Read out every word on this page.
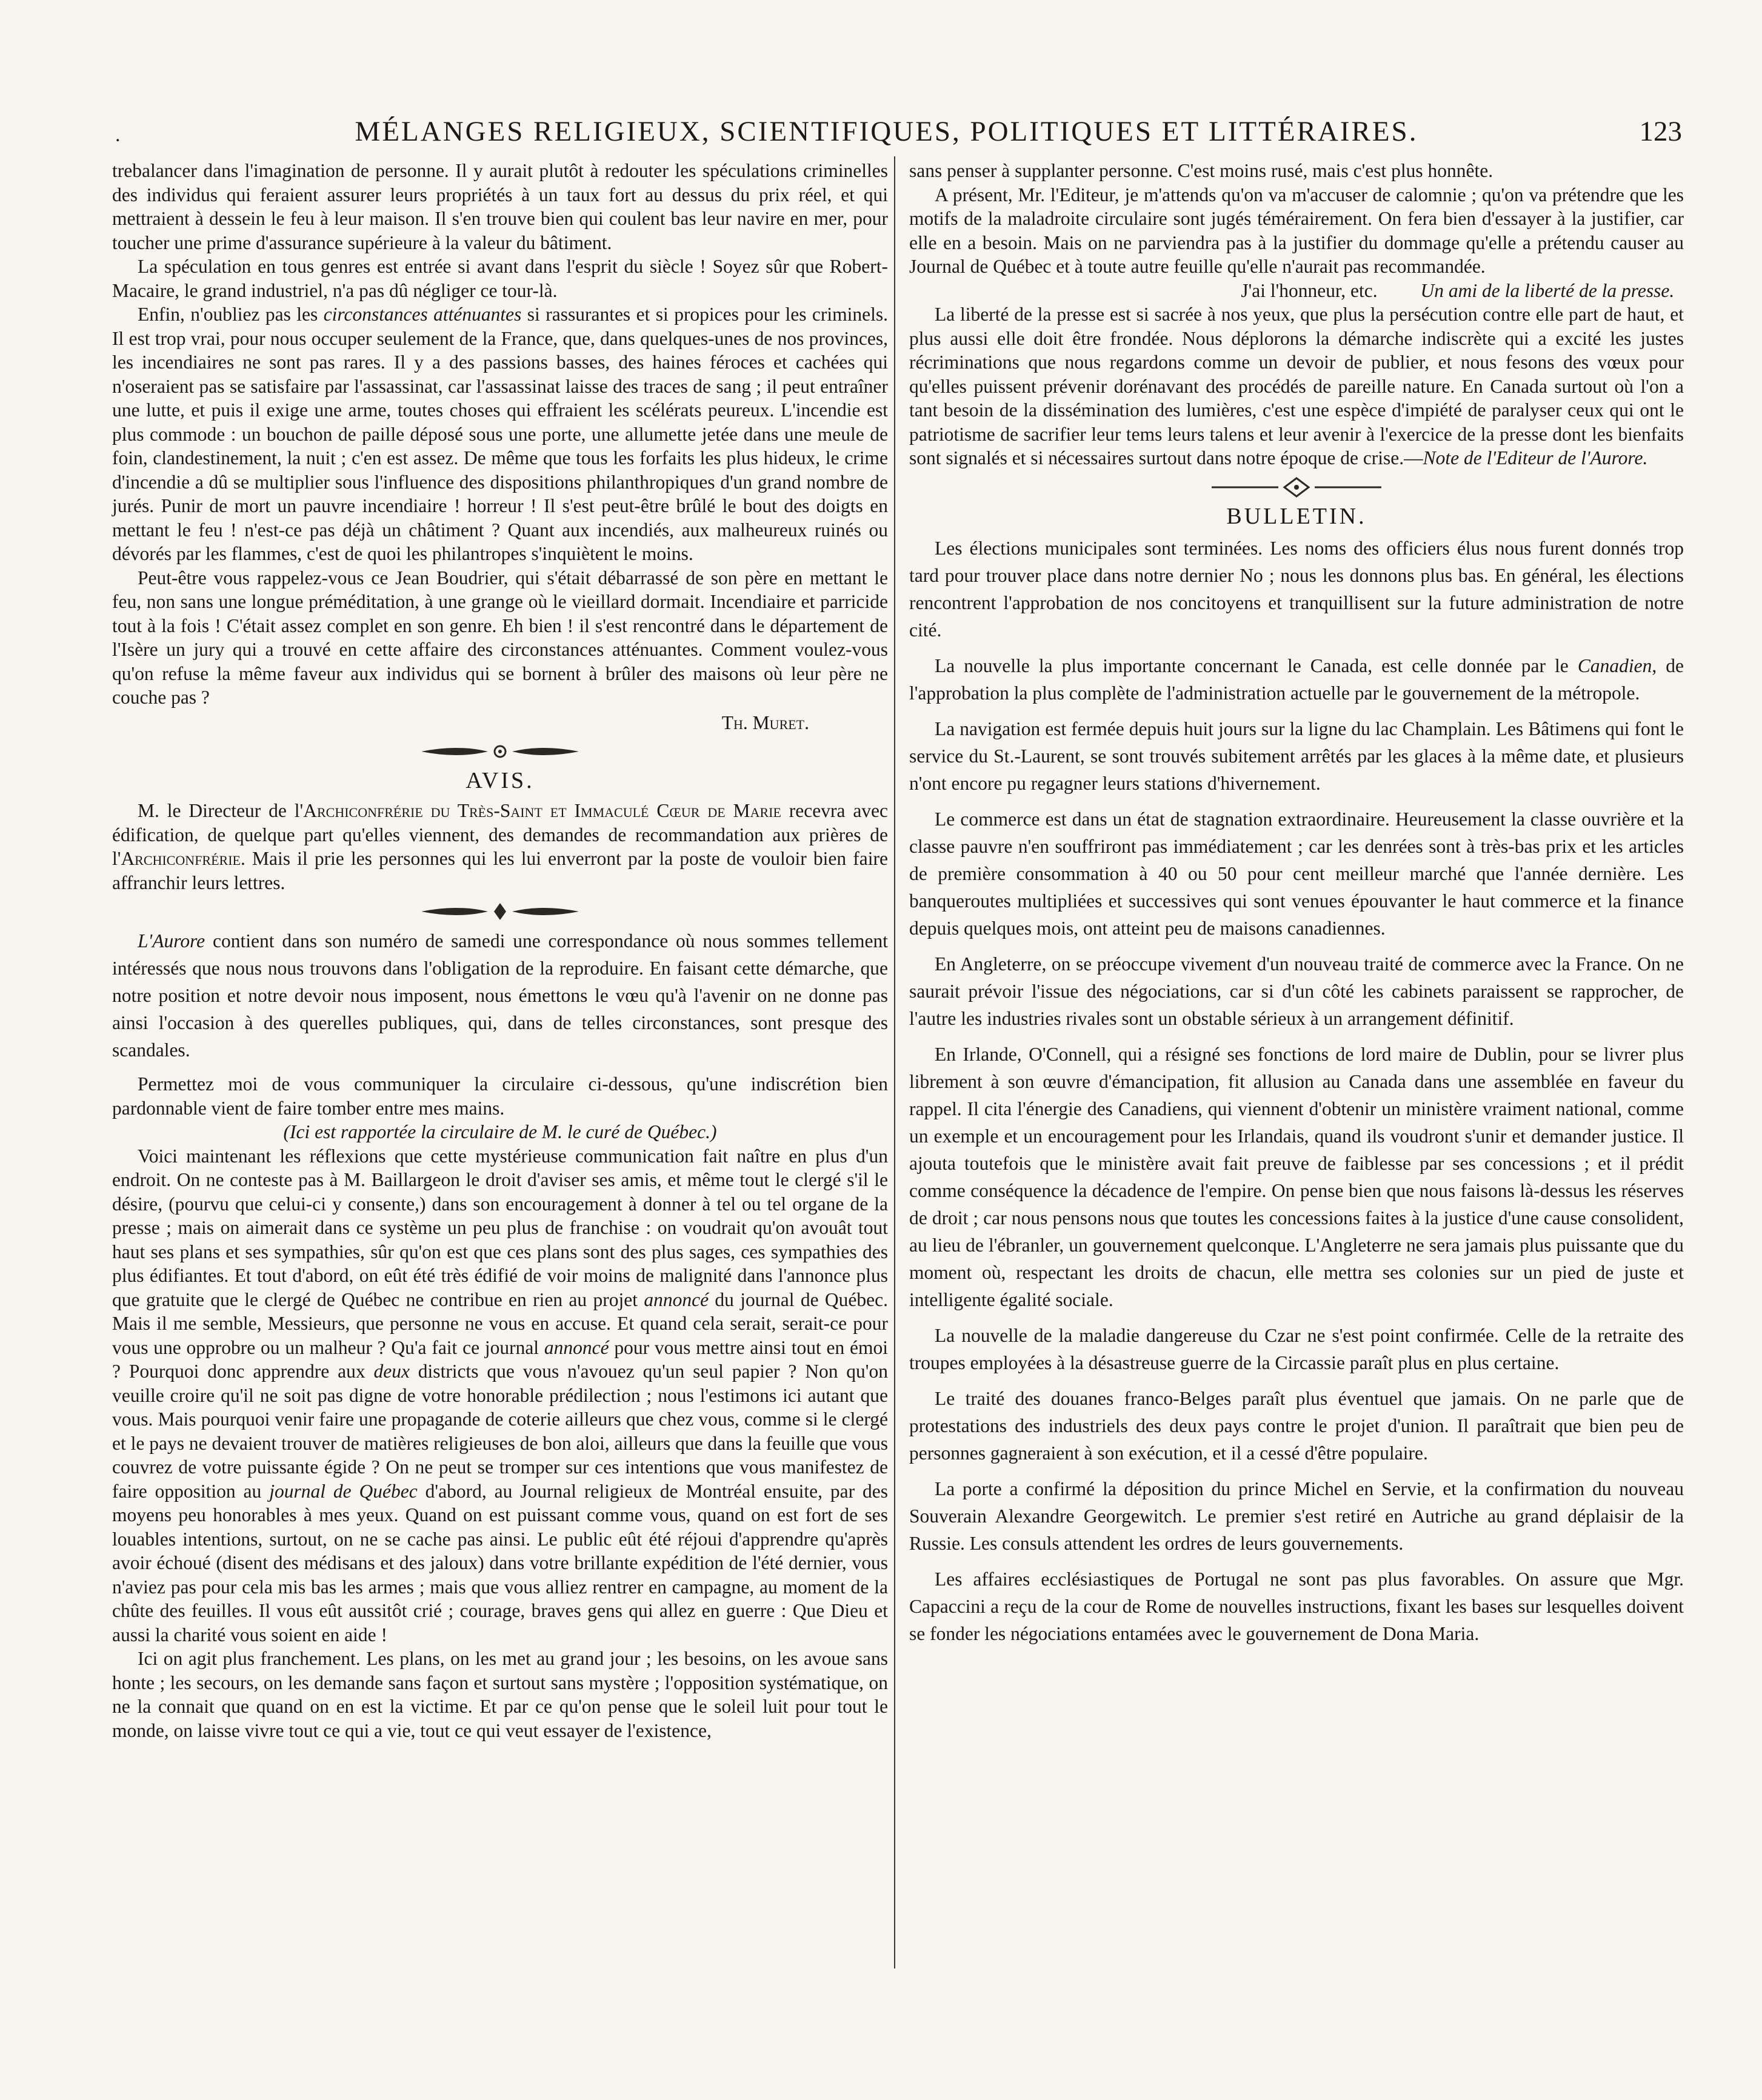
.	MÉLANGES RELIGIEUX, SCIENTIFIQUES, POLITIQUES ET LITTÉRAIRES.	123

trebalancer dans l'imagination de personne. Il y aurait plutôt à redouter les spéculations criminelles des individus qui feraient assurer leurs propriétés à un taux fort au dessus du prix réel, et qui mettraient à dessein le feu à leur maison. Il s'en trouve bien qui coulent bas leur navire en mer, pour toucher une prime d'assurance supérieure à la valeur du bâtiment.

La spéculation en tous genres est entrée si avant dans l'esprit du siècle ! Soyez sûr que Robert-Macaire, le grand industriel, n'a pas dû négliger ce tour-là.

Enfin, n'oubliez pas les circonstances atténuantes si rassurantes et si propices pour les criminels. Il est trop vrai, pour nous occuper seulement de la France, que, dans quelques-unes de nos provinces, les incendiaires ne sont pas rares. Il y a des passions basses, des haines féroces et cachées qui n'oseraient pas se satisfaire par l'assassinat, car l'assassinat laisse des traces de sang ; il peut entraîner une lutte, et puis il exige une arme, toutes choses qui effraient les scélérats peureux. L'incendie est plus commode : un bouchon de paille déposé sous une porte, une allumette jetée dans une meule de foin, clandestinement, la nuit ; c'en est assez. De même que tous les forfaits les plus hideux, le crime d'incendie a dû se multiplier sous l'influence des dispositions philanthropiques d'un grand nombre de jurés. Punir de mort un pauvre incendiaire ! horreur ! Il s'est peut-être brûlé le bout des doigts en mettant le feu ! n'est-ce pas déjà un châtiment ? Quant aux incendiés, aux malheureux ruinés ou dévorés par les flammes, c'est de quoi les philantropes s'inquiètent le moins.

Peut-être vous rappelez-vous ce Jean Boudrier, qui s'était débarrassé de son père en mettant le feu, non sans une longue préméditation, à une grange où le vieillard dormait. Incendiaire et parricide tout à la fois ! C'était assez complet en son genre. Eh bien ! il s'est rencontré dans le département de l'Isère un jury qui a trouvé en cette affaire des circonstances atténuantes. Comment voulez-vous qu'on refuse la même faveur aux individus qui se bornent à brûler des maisons où leur père ne couche pas ?

Th. Muret.

AVIS.

M. le Directeur de l'Archiconfrérie du Très-Saint et Immaculé Cœur de Marie recevra avec édification, de quelque part qu'elles viennent, des demandes de recommandation aux prières de l'Archiconfrérie. Mais il prie les personnes qui les lui enverront par la poste de vouloir bien faire affranchir leurs lettres.

L'Aurore contient dans son numéro de samedi une correspondance où nous sommes tellement intéressés que nous nous trouvons dans l'obligation de la reproduire. En faisant cette démarche, que notre position et notre devoir nous imposent, nous émettons le vœu qu'à l'avenir on ne donne pas ainsi l'occasion à des querelles publiques, qui, dans de telles circonstances, sont presque des scandales.

Permettez moi de vous communiquer la circulaire ci-dessous, qu'une indiscrétion bien pardonnable vient de faire tomber entre mes mains.

(Ici est rapportée la circulaire de M. le curé de Québec.)

Voici maintenant les réflexions que cette mystérieuse communication fait naître en plus d'un endroit. On ne conteste pas à M. Baillargeon le droit d'aviser ses amis, et même tout le clergé s'il le désire, (pourvu que celui-ci y consente,) dans son encouragement à donner à tel ou tel organe de la presse ; mais on aimerait dans ce système un peu plus de franchise : on voudrait qu'on avouât tout haut ses plans et ses sympathies, sûr qu'on est que ces plans sont des plus sages, ces sympathies des plus édifiantes. Et tout d'abord, on eût été très édifié de voir moins de malignité dans l'annonce plus que gratuite que le clergé de Québec ne contribue en rien au projet annoncé du journal de Québec. Mais il me semble, Messieurs, que personne ne vous en accuse. Et quand cela serait, serait-ce pour vous une opprobre ou un malheur ? Qu'a fait ce journal annoncé pour vous mettre ainsi tout en émoi ? Pourquoi donc apprendre aux deux districts que vous n'avouez qu'un seul papier ? Non qu'on veuille croire qu'il ne soit pas digne de votre honorable prédilection ; nous l'estimons ici autant que vous. Mais pourquoi venir faire une propagande de coterie ailleurs que chez vous, comme si le clergé et le pays ne devaient trouver de matières religieuses de bon aloi, ailleurs que dans la feuille que vous couvrez de votre puissante égide ? On ne peut se tromper sur ces intentions que vous manifestez de faire opposition au journal de Québec d'abord, au Journal religieux de Montréal ensuite, par des moyens peu honorables à mes yeux. Quand on est puissant comme vous, quand on est fort de ses louables intentions, surtout, on ne se cache pas ainsi. Le public eût été réjoui d'apprendre qu'après avoir échoué (disent des médisans et des jaloux) dans votre brillante expédition de l'été dernier, vous n'aviez pas pour cela mis bas les armes ; mais que vous alliez rentrer en campagne, au moment de la chûte des feuilles. Il vous eût aussitôt crié ; courage, braves gens qui allez en guerre : Que Dieu et aussi la charité vous soient en aide !

Ici on agit plus franchement. Les plans, on les met au grand jour ; les besoins, on les avoue sans honte ; les secours, on les demande sans façon et surtout sans mystère ; l'opposition systématique, on ne la connait que quand on en est la victime. Et par ce qu'on pense que le soleil luit pour tout le monde, on laisse vivre tout ce qui a vie, tout ce qui veut essayer de l'existence,

sans penser à supplanter personne. C'est moins rusé, mais c'est plus honnête.

A présent, Mr. l'Editeur, je m'attends qu'on va m'accuser de calomnie ; qu'on va prétendre que les motifs de la maladroite circulaire sont jugés témérairement. On fera bien d'essayer à la justifier, car elle en a besoin. Mais on ne parviendra pas à la justifier du dommage qu'elle a prétendu causer au Journal de Québec et à toute autre feuille qu'elle n'aurait pas recommandée.

J'ai l'honneur, etc. Un ami de la liberté de la presse.

La liberté de la presse est si sacrée à nos yeux, que plus la persécution contre elle part de haut, et plus aussi elle doit être frondée. Nous déplorons la démarche indiscrète qui a excité les justes récriminations que nous regardons comme un devoir de publier, et nous fesons des vœux pour qu'elles puissent prévenir dorénavant des procédés de pareille nature. En Canada surtout où l'on a tant besoin de la dissémination des lumières, c'est une espèce d'impiété de paralyser ceux qui ont le patriotisme de sacrifier leur tems leurs talens et leur avenir à l'exercice de la presse dont les bienfaits sont signalés et si nécessaires surtout dans notre époque de crise.—Note de l'Editeur de l'Aurore.

BULLETIN.

Les élections municipales sont terminées. Les noms des officiers élus nous furent donnés trop tard pour trouver place dans notre dernier No ; nous les donnons plus bas. En général, les élections rencontrent l'approbation de nos concitoyens et tranquillisent sur la future administration de notre cité.

La nouvelle la plus importante concernant le Canada, est celle donnée par le Canadien, de l'approbation la plus complète de l'administration actuelle par le gouvernement de la métropole.

La navigation est fermée depuis huit jours sur la ligne du lac Champlain. Les Bâtimens qui font le service du St.-Laurent, se sont trouvés subitement arrêtés par les glaces à la même date, et plusieurs n'ont encore pu regagner leurs stations d'hivernement.

Le commerce est dans un état de stagnation extraordinaire. Heureusement la classe ouvrière et la classe pauvre n'en souffriront pas immédiatement ; car les denrées sont à très-bas prix et les articles de première consommation à 40 ou 50 pour cent meilleur marché que l'année dernière. Les banqueroutes multipliées et successives qui sont venues épouvanter le haut commerce et la finance depuis quelques mois, ont atteint peu de maisons canadiennes.

En Angleterre, on se préoccupe vivement d'un nouveau traité de commerce avec la France. On ne saurait prévoir l'issue des négociations, car si d'un côté les cabinets paraissent se rapprocher, de l'autre les industries rivales sont un obstable sérieux à un arrangement définitif.

En Irlande, O'Connell, qui a résigné ses fonctions de lord maire de Dublin, pour se livrer plus librement à son œuvre d'émancipation, fit allusion au Canada dans une assemblée en faveur du rappel. Il cita l'énergie des Canadiens, qui viennent d'obtenir un ministère vraiment national, comme un exemple et un encouragement pour les Irlandais, quand ils voudront s'unir et demander justice. Il ajouta toutefois que le ministère avait fait preuve de faiblesse par ses concessions ; et il prédit comme conséquence la décadence de l'empire. On pense bien que nous faisons là-dessus les réserves de droit ; car nous pensons nous que toutes les concessions faites à la justice d'une cause consolident, au lieu de l'ébranler, un gouvernement quelconque. L'Angleterre ne sera jamais plus puissante que du moment où, respectant les droits de chacun, elle mettra ses colonies sur un pied de juste et intelligente égalité sociale.

La nouvelle de la maladie dangereuse du Czar ne s'est point confirmée. Celle de la retraite des troupes employées à la désastreuse guerre de la Circassie paraît plus en plus certaine.

Le traité des douanes franco-Belges paraît plus éventuel que jamais. On ne parle que de protestations des industriels des deux pays contre le projet d'union. Il paraîtrait que bien peu de personnes gagneraient à son exécution, et il a cessé d'être populaire.

La porte a confirmé la déposition du prince Michel en Servie, et la confirmation du nouveau Souverain Alexandre Georgewitch. Le premier s'est retiré en Autriche au grand déplaisir de la Russie. Les consuls attendent les ordres de leurs gouvernements.

Les affaires ecclésiastiques de Portugal ne sont pas plus favorables. On assure que Mgr. Capaccini a reçu de la cour de Rome de nouvelles instructions, fixant les bases sur lesquelles doivent se fonder les négociations entamées avec le gouvernement de Dona Maria.
